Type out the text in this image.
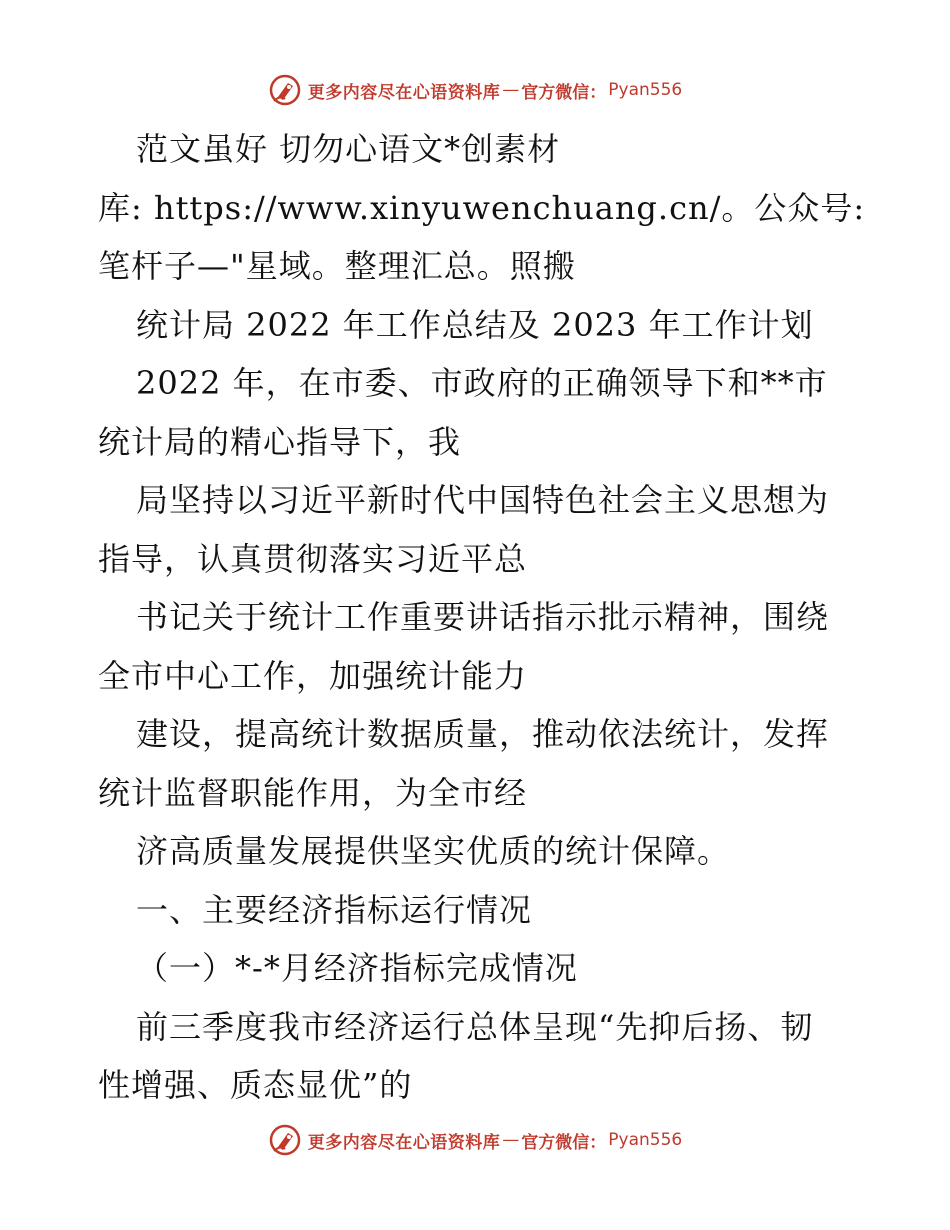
更多内容尽在心语资料库 — 官方微信： Pyan556
范文虽好 切勿心语文*创素材
库: https://www.xinyuwenchuang.cn/。公众号:
笔杆子—"星域。整理汇总。照搬
统计局 2022 年工作总结及 2023 年工作计划
2022 年，在市委、市政府的正确领导下和**市
统计局的精心指导下，我
局坚持以习近平新时代中国特色社会主义思想为
指导，认真贯彻落实习近平总
书记关于统计工作重要讲话指示批示精神，围绕
全市中心工作，加强统计能力
建设，提高统计数据质量，推动依法统计，发挥
统计监督职能作用，为全市经
济高质量发展提供坚实优质的统计保障。
一、主要经济指标运行情况
（一）*-*月经济指标完成情况
前三季度我市经济运行总体呈现“先抑后扬、韧
性增强、质态显优”的
更多内容尽在心语资料库 — 官方微信： Pyan556
